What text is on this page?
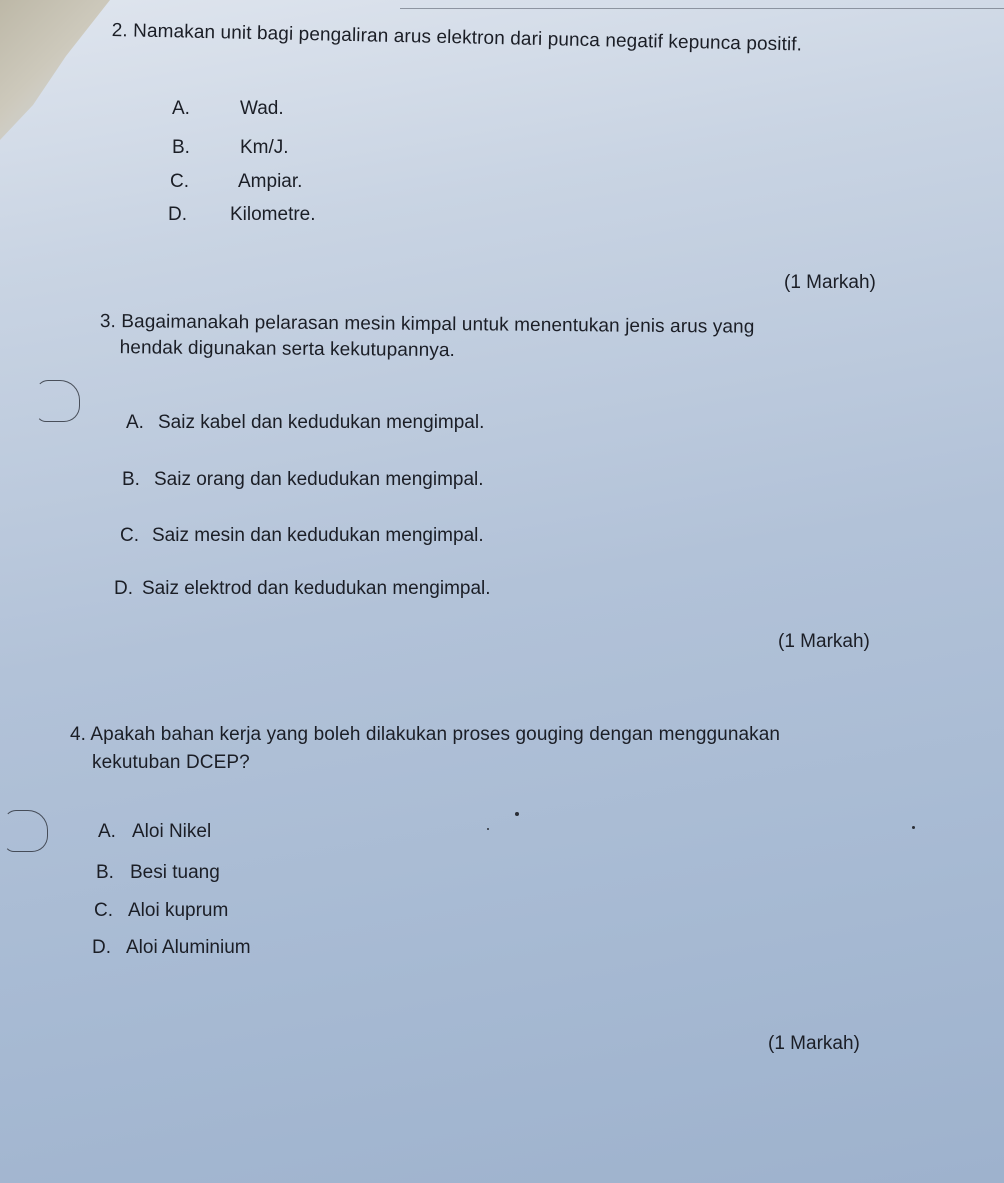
2. Namakan unit bagi pengaliran arus elektron dari punca negatif kepunca positif.
A.	Wad.
B.	Km/J.
C.	Ampiar.
D. Kilometre.
(1 Markah)
3. Bagaimanakah pelarasan mesin kimpal untuk menentukan jenis arus yang
hendak digunakan serta kekutupannya.
A. Saiz kabel dan kedudukan mengimpal.
B. Saiz orang dan kedudukan mengimpal.
C. Saiz mesin dan kedudukan mengimpal.
D. Saiz elektrod dan kedudukan mengimpal.
(1 Markah)
4. Apakah bahan kerja yang boleh dilakukan proses gouging dengan menggunakan
kekutuban DCEP?
A. Aloi Nikel
B. Besi tuang
C. Aloi kuprum
D. Aloi Aluminium
(1 Markah)
